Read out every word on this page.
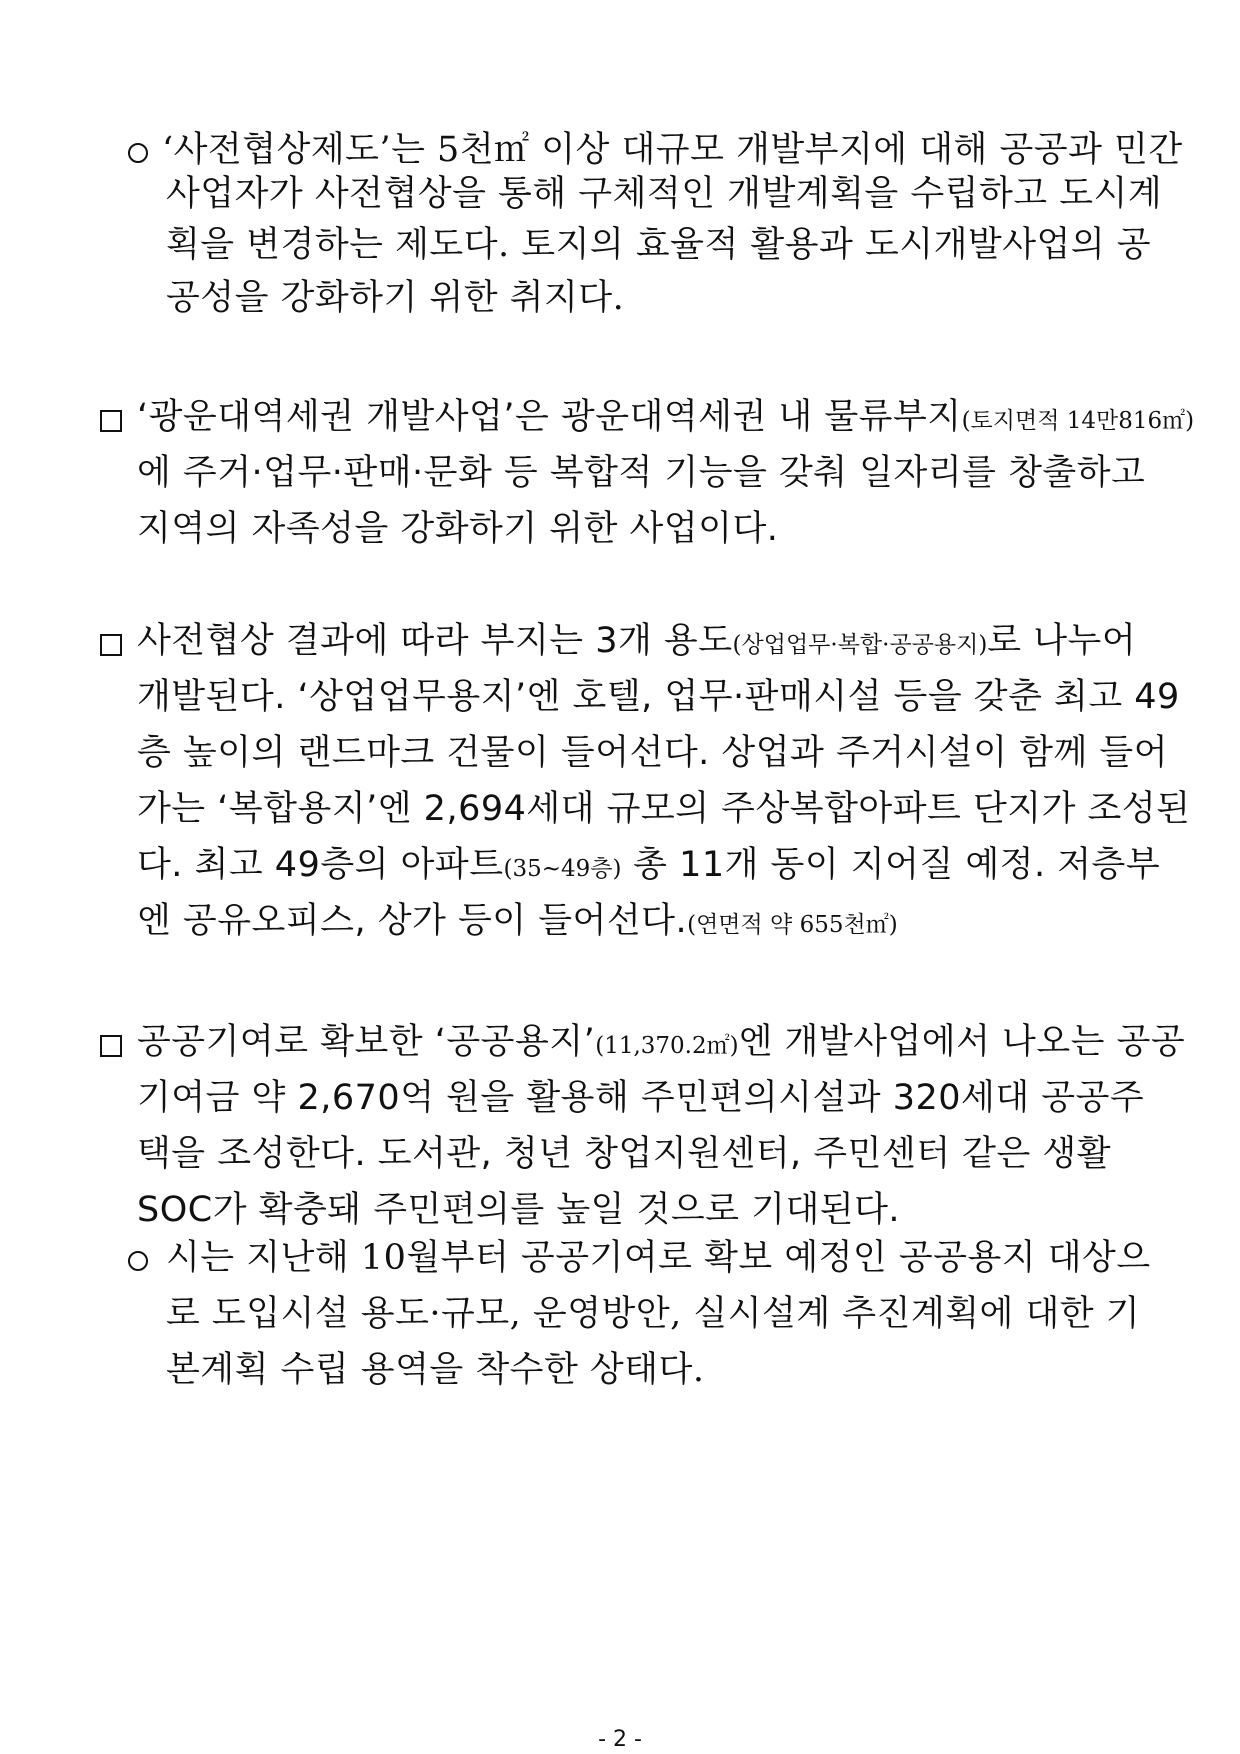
‘사전협상제도’는 5천㎡ 이상 대규모 개발부지에 대해 공공과 민간
사업자가 사전협상을 통해 구체적인 개발계획을 수립하고 도시계
획을 변경하는 제도다. 토지의 효율적 활용과 도시개발사업의 공
공성을 강화하기 위한 취지다.
‘광운대역세권 개발사업’은 광운대역세권 내 물류부지(토지면적 14만816㎡)
에 주거·업무·판매·문화 등 복합적 기능을 갖춰 일자리를 창출하고
지역의 자족성을 강화하기 위한 사업이다.
사전협상 결과에 따라 부지는 3개 용도(상업업무·복합·공공용지)로 나누어
개발된다. ‘상업업무용지’엔 호텔, 업무·판매시설 등을 갖춘 최고 49
층 높이의 랜드마크 건물이 들어선다. 상업과 주거시설이 함께 들어
가는 ‘복합용지’엔 2,694세대 규모의 주상복합아파트 단지가 조성된
다. 최고 49층의 아파트(35~49층) 총 11개 동이 지어질 예정. 저층부
엔 공유오피스, 상가 등이 들어선다.(연면적 약 655천㎡)
공공기여로 확보한 ‘공공용지’(11,370.2㎡)엔 개발사업에서 나오는 공공
기여금 약 2,670억 원을 활용해 주민편의시설과 320세대 공공주
택을 조성한다. 도서관, 청년 창업지원센터, 주민센터 같은 생활
SOC가 확충돼 주민편의를 높일 것으로 기대된다.
시는 지난해 10월부터 공공기여로 확보 예정인 공공용지 대상으
로 도입시설 용도·규모, 운영방안, 실시설계 추진계획에 대한 기
본계획 수립 용역을 착수한 상태다.
- 2 -
